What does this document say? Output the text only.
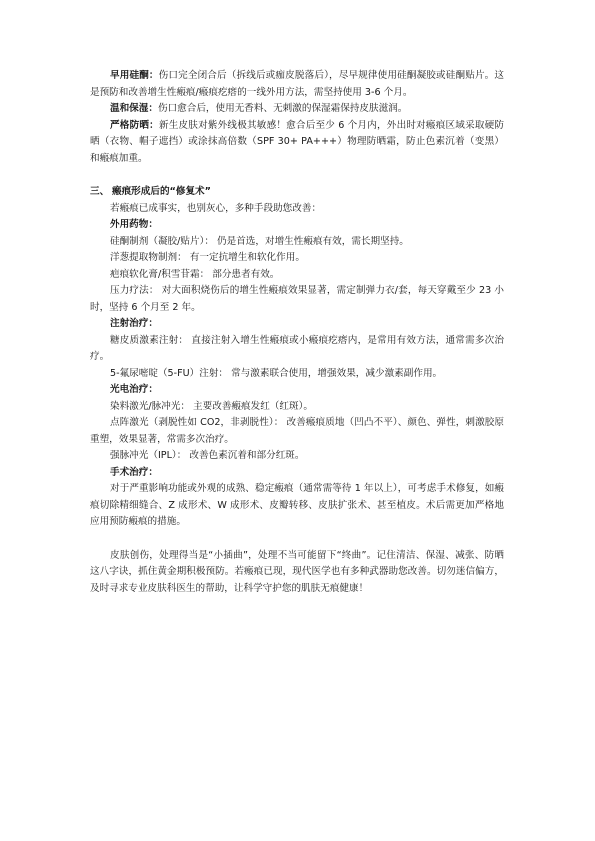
早用硅酮：伤口完全闭合后（拆线后或痂皮脱落后），尽早规律使用硅酮凝胶或硅酮贴片。这是预防和改善增生性瘢痕/瘢痕疙瘩的一线外用方法，需坚持使用 3-6 个月。

温和保湿：伤口愈合后，使用无香料、无刺激的保湿霜保持皮肤滋润。

严格防晒：新生皮肤对紫外线极其敏感！愈合后至少 6 个月内，外出时对瘢痕区域采取硬防晒（衣物、帽子遮挡）或涂抹高倍数（SPF 30+ PA+++）物理防晒霜，防止色素沉着（变黑）和瘢痕加重。

三、 瘢痕形成后的“修复术”

若瘢痕已成事实，也别灰心，多种手段助您改善：

外用药物：

硅酮制剂（凝胶/贴片）： 仍是首选，对增生性瘢痕有效，需长期坚持。

洋葱提取物制剂： 有一定抗增生和软化作用。

疤痕软化膏/积雪苷霜： 部分患者有效。

压力疗法： 对大面积烧伤后的增生性瘢痕效果显著，需定制弹力衣/套，每天穿戴至少 23 小时，坚持 6 个月至 2 年。

注射治疗：

糖皮质激素注射： 直接注射入增生性瘢痕或小瘢痕疙瘩内，是常用有效方法，通常需多次治疗。

5-氟尿嘧啶（5-FU）注射： 常与激素联合使用，增强效果，减少激素副作用。

光电治疗：

染料激光/脉冲光： 主要改善瘢痕发红（红斑）。

点阵激光（剥脱性如 CO2，非剥脱性）： 改善瘢痕质地（凹凸不平）、颜色、弹性，刺激胶原重塑，效果显著，常需多次治疗。

强脉冲光（IPL）： 改善色素沉着和部分红斑。

手术治疗：

对于严重影响功能或外观的成熟、稳定瘢痕（通常需等待 1 年以上），可考虑手术修复，如瘢痕切除精细缝合、Z 成形术、W 成形术、皮瓣转移、皮肤扩张术、甚至植皮。术后需更加严格地应用预防瘢痕的措施。

皮肤创伤，处理得当是“小插曲”，处理不当可能留下“终曲”。记住清洁、保湿、减张、防晒这八字诀，抓住黄金期积极预防。若瘢痕已现，现代医学也有多种武器助您改善。切勿迷信偏方，及时寻求专业皮肤科医生的帮助，让科学守护您的肌肤无痕健康！
